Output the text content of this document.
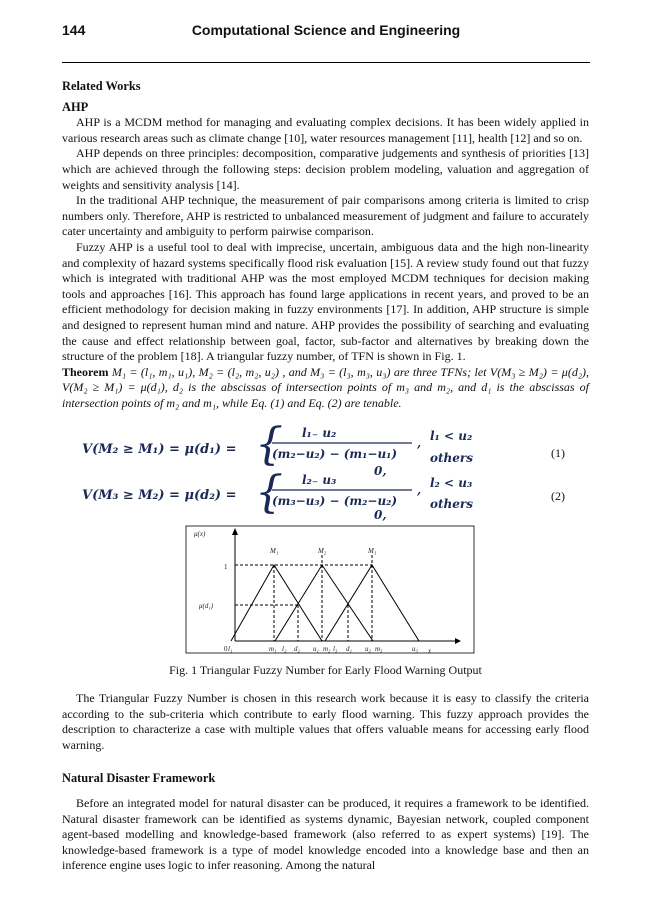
144	Computational Science and Engineering
Related Works
AHP

AHP is a MCDM method for managing and evaluating complex decisions. It has been widely applied in various research areas such as climate change [10], water resources management [11], health [12] and so on.

AHP depends on three principles: decomposition, comparative judgements and synthesis of priorities [13] which are achieved through the following steps: decision problem modeling, valuation and aggregation of weights and sensitivity analysis [14].

In the traditional AHP technique, the measurement of pair comparisons among criteria is limited to crisp numbers only. Therefore, AHP is restricted to unbalanced measurement of judgment and failure to accurately cater uncertainty and ambiguity to perform pairwise comparison.

Fuzzy AHP is a useful tool to deal with imprecise, uncertain, ambiguous data and the high non-linearity and complexity of hazard systems specifically flood risk evaluation [15]. A review study found out that fuzzy which is integrated with traditional AHP was the most employed MCDM techniques for decision making tools and approaches [16]. This approach has found large applications in recent years, and proved to be an efficient methodology for decision making in fuzzy environments [17]. In addition, AHP structure is simple and designed to represent human mind and nature. AHP provides the possibility of searching and evaluating the cause and effect relationship between goal, factor, sub-factor and alternatives by breaking down the structure of the problem [18]. A triangular fuzzy number, of TFN is shown in Fig. 1.

Theorem M₁ = (l₁, m₁, u₁), M₂ = (l₂, m₂, u₂) , and M₃ = (l₃, m₃, u₃) are three TFNs; let V(M₃ ≥ M₂) = μ(d₂), V(M₂ ≥ M₁) = μ(d₁), d₂ is the abscissas of intersection points of m₃ and m₂, and d₁ is the abscissas of intersection points of m₂ and m₁, while Eq. (1) and Eq. (2) are tenable.

V(M₂ ≥ M₁) = μ(d₁) = { l₁₋ u₂
(m₂−u₂) − (m₁−u₁)
,
0,
l₁ < u₂
others
V(M₃ ≥ M₂) = μ(d₂) = { l₂₋ u₃
(m₃−u₃) − (m₂−u₂)
,
0,
l₂ < u₃
others
(1)
(2)
μ(x)
1
μ(d₁)
0	x
M₁	M₂	M₃
l₁	m₁ l₂ d₂ u₁ m₂ l₃ d₁ u₂ m₃	u₃
Fig. 1 Triangular Fuzzy Number for Early Flood Warning Output

The Triangular Fuzzy Number is chosen in this research work because it is easy to classify the criteria according to the sub-criteria which contribute to early flood warning. This fuzzy approach provides the description to characterize a case with multiple values that offers valuable means for accessing early flood warning.

Natural Disaster Framework

Before an integrated model for natural disaster can be produced, it requires a framework to be identified. Natural disaster framework can be identified as systems dynamic, Bayesian network, coupled component agent-based modelling and knowledge-based framework (also referred to as expert systems) [19]. The knowledge-based framework is a type of model knowledge encoded into a knowledge base and then an inference engine uses logic to infer reasoning. Among the natural
